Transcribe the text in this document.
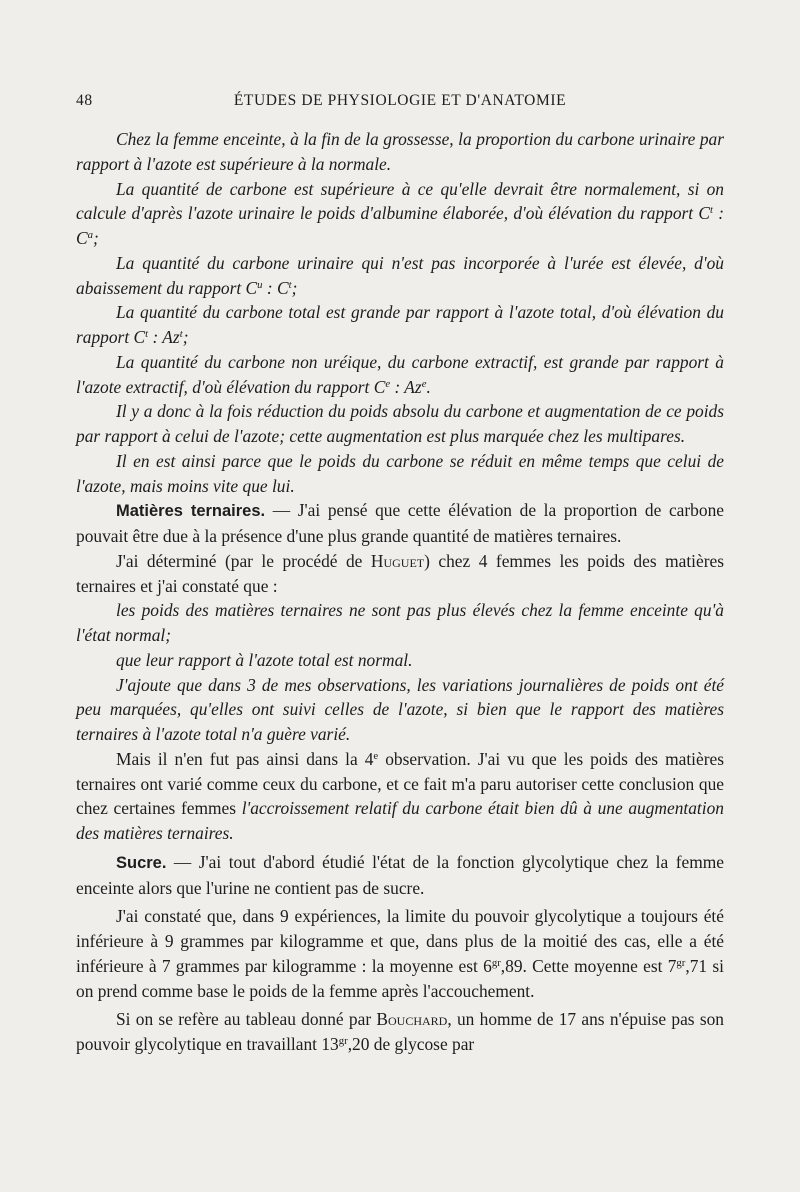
48	ÉTUDES DE PHYSIOLOGIE ET D'ANATOMIE

Chez la femme enceinte, à la fin de la grossesse, la proportion du carbone urinaire par rapport à l'azote est supérieure à la normale.

La quantité de carbone est supérieure à ce qu'elle devrait être normalement, si on calcule d'après l'azote urinaire le poids d'albumine élaborée, d'où élévation du rapport $C^t$ : $C^a$;

La quantité du carbone urinaire qui n'est pas incorporée à l'urée est élevée, d'où abaissement du rapport $C^u$ : $C^t$;

La quantité du carbone total est grande par rapport à l'azote total, d'où élévation du rapport $C^t$ : Az$^t$;

La quantité du carbone non uréique, du carbone extractif, est grande par rapport à l'azote extractif, d'où élévation du rapport Ce : Az$^e$.

Il y a donc à la fois réduction du poids absolu du carbone et augmentation de ce poids par rapport à celui de l'azote; cette augmentation est plus marquée chez les multipares.

Il en est ainsi parce que le poids du carbone se réduit en même temps que celui de l'azote, mais moins vite que lui.

Matières ternaires. — J'ai pensé que cette élévation de la proportion de carbone pouvait être due à la présence d'une plus grande quantité de matières ternaires.

J'ai déterminé (par le procédé de Huguet) chez 4 femmes les poids des matières ternaires et j'ai constaté que :

les poids des matières ternaires ne sont pas plus élevés chez la femme enceinte qu'à l'état normal;

que leur rapport à l'azote total est normal.

J'ajoute que dans 3 de mes observations, les variations journalières de poids ont été peu marquées, qu'elles ont suivi celles de l'azote, si bien que le rapport des matières ternaires à l'azote total n'a guère varié.

Mais il n'en fut pas ainsi dans la 4e observation. J'ai vu que les poids des matières ternaires ont varié comme ceux du carbone, et ce fait m'a paru autoriser cette conclusion que chez certaines femmes l'accroissement relatif du carbone était bien dû à une augmentation des matières ternaires.

Sucre. — J'ai tout d'abord étudié l'état de la fonction glycolytique chez la femme enceinte alors que l'urine ne contient pas de sucre.

J'ai constaté que, dans 9 expériences, la limite du pouvoir glycolytique a toujours été inférieure à 9 grammes par kilogramme et que, dans plus de la moitié des cas, elle a été inférieure à 7 grammes par kilogramme : la moyenne est $6^{gr},89$. Cette moyenne est $7^{gr},71$ si on prend comme base le poids de la femme après l'accouchement.

Si on se refère au tableau donné par Bouchard, un homme de 17 ans n'épuise pas son pouvoir glycolytique en travaillant $13^{gr},20$ de glycose par
